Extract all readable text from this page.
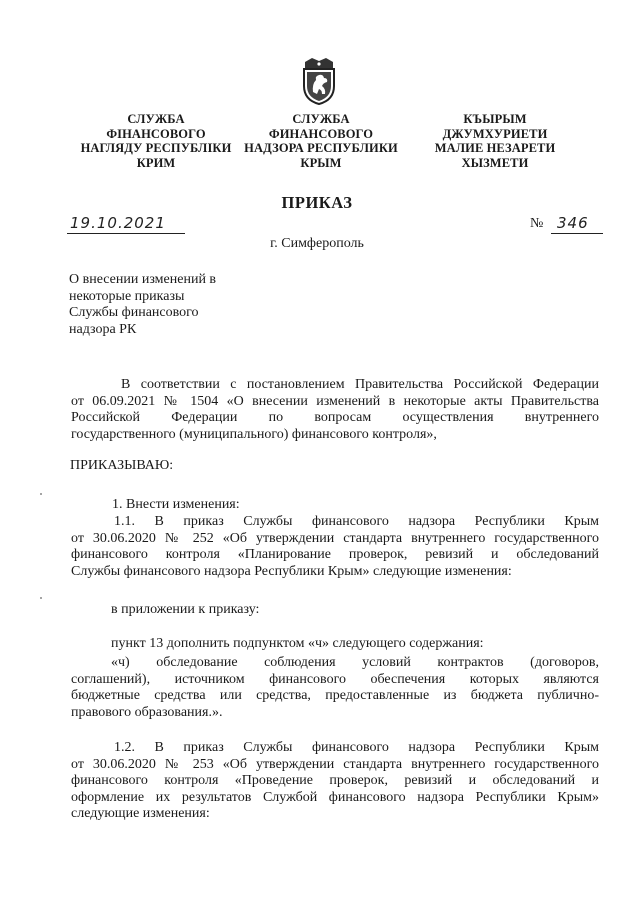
СЛУЖБА
ФІНАНСОВОГО
НАГЛЯДУ РЕСПУБЛІКИ
КРИМ
СЛУЖБА
ФИНАНСОВОГО
НАДЗОРА РЕСПУБЛИКИ
КРЫМ
КЪЫРЫМ
ДЖУМХУРИЕТИ
МАЛИЕ НЕЗАРЕТИ
ХЫЗМЕТИ
ПРИКАЗ
19.10.2021	№ 346
г. Симферополь
О внесении изменений в
некоторые приказы
Службы финансового
надзора РК
В соответствии с постановлением Правительства Российской Федерации
от 06.09.2021 № 1504 «О внесении изменений в некоторые акты Правительства
Российской Федерации по вопросам осуществления внутреннего
государственного (муниципального) финансового контроля»,
ПРИКАЗЫВАЮ:
1. Внести изменения:
1.1. В приказ Службы финансового надзора Республики Крым
от 30.06.2020 № 252 «Об утверждении стандарта внутреннего государственного
финансового контроля «Планирование проверок, ревизий и обследований
Службы финансового надзора Республики Крым» следующие изменения:
в приложении к приказу:
пункт 13 дополнить подпунктом «ч» следующего содержания:
«ч) обследование соблюдения условий контрактов (договоров,
соглашений), источником финансового обеспечения которых являются
бюджетные средства или средства, предоставленные из бюджета публично-
правового образования.».
1.2. В приказ Службы финансового надзора Республики Крым
от 30.06.2020 № 253 «Об утверждении стандарта внутреннего государственного
финансового контроля «Проведение проверок, ревизий и обследований и
оформление их результатов Службой финансового надзора Республики Крым»
следующие изменения:
